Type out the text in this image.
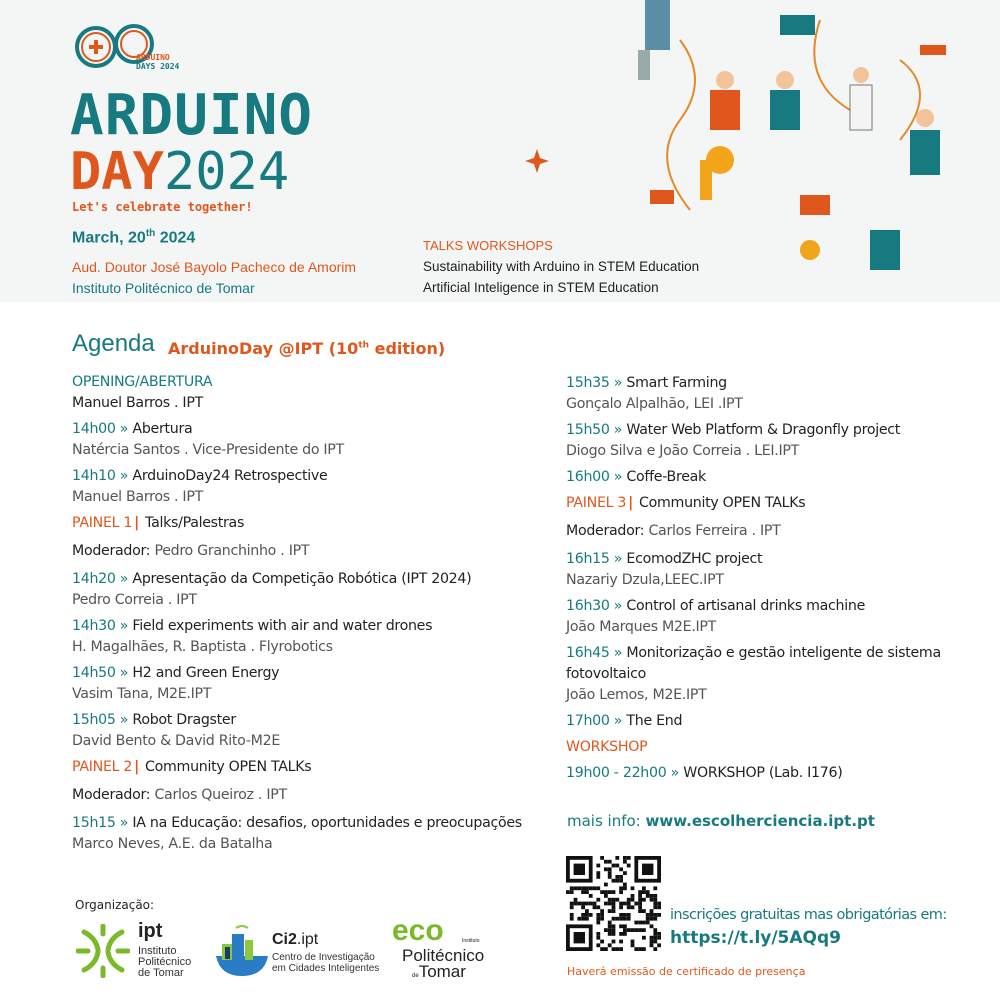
ARDUINO
DAYS 2024
ARDUINO
DAY2024
Let's celebrate together!
March, 20th 2024
Aud. Doutor José Bayolo Pacheco de Amorim
Instituto Politécnico de Tomar
TALKS WORKSHOPS
Sustainability with Arduino in STEM Education
Artificial Inteligence in STEM Education
Agenda ArduinoDay @IPT (10th edition)
OPENING/ABERTURA
Manuel Barros . IPT
14h00 » Abertura
Natércia Santos . Vice-Presidente do IPT
14h10 » ArduinoDay24 Retrospective
Manuel Barros . IPT
PAINEL 1 | Talks/Palestras
Moderador: Pedro Granchinho . IPT
14h20 » Apresentação da Competição Robótica (IPT 2024)
Pedro Correia . IPT
14h30 » Field experiments with air and water drones
H. Magalhães, R. Baptista . Flyrobotics
14h50 » H2 and Green Energy
Vasim Tana, M2E.IPT
15h05 » Robot Dragster
David Bento & David Rito-M2E
PAINEL 2 | Community OPEN TALKs
Moderador: Carlos Queiroz . IPT
15h15 » IA na Educação: desafios, oportunidades e preocupações
Marco Neves, A.E. da Batalha
15h35 » Smart Farming
Gonçalo Alpalhão, LEI .IPT
15h50 » Water Web Platform & Dragonfly project
Diogo Silva e João Correia . LEI.IPT
16h00 » Coffe-Break
PAINEL 3 | Community OPEN TALKs
Moderador: Carlos Ferreira . IPT
16h15 » EcomodZHC project
Nazariy Dzula,LEEC.IPT
16h30 » Control of artisanal drinks machine
João Marques M2E.IPT
16h45 » Monitorização e gestão inteligente de sistema fotovoltaico
João Lemos, M2E.IPT
17h00 » The End
WORKSHOP
19h00 - 22h00 » WORKSHOP (Lab. I176)
mais info: www.escolherciencia.ipt.pt
inscrições gratuitas mas obrigatórias em:
https://t.ly/5AQq9
Haverá emissão de certificado de presença
Organização:
ipt
Instituto
Politécnico
de Tomar
Ci2.ipt
Centro de Investigação
em Cidades Inteligentes
eco	Instituto
Politécnico
deTomar
